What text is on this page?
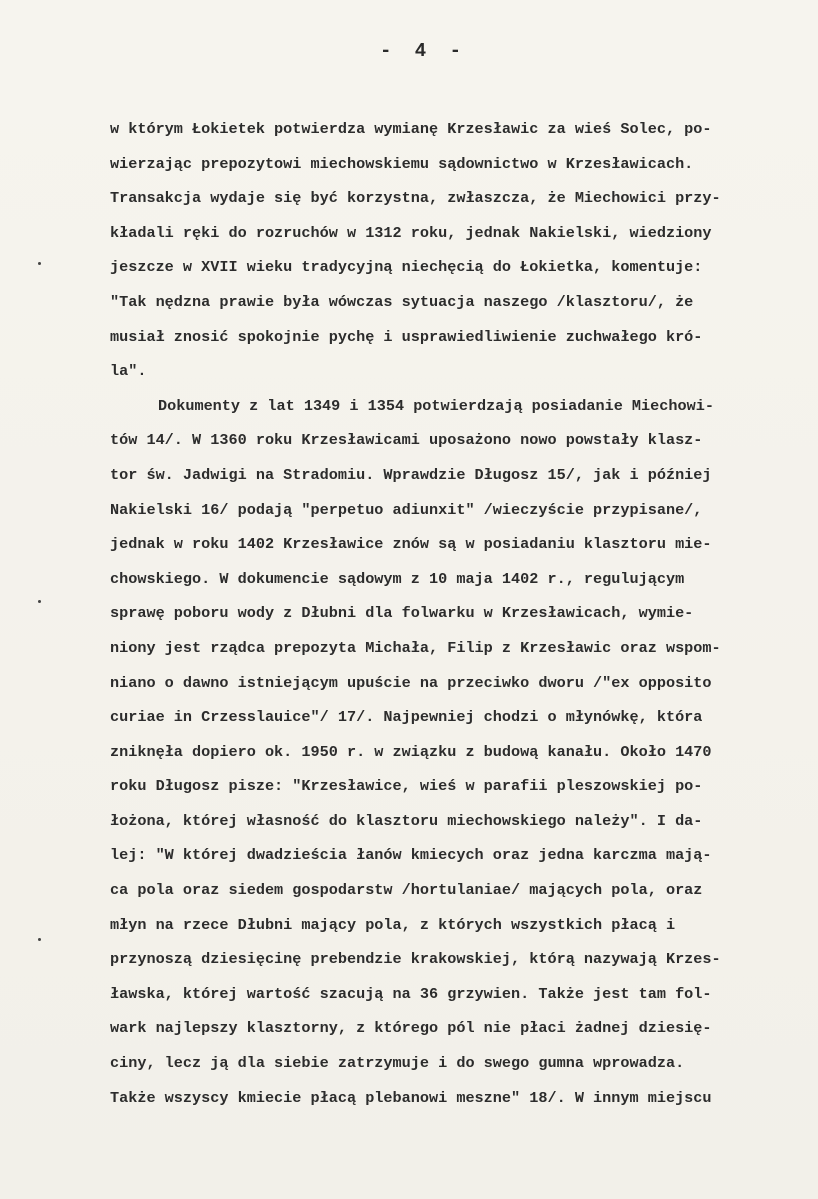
- 4 -
w którym Łokietek potwierdza wymianę Krzesławic za wieś Solec, po-
wierzając prepozytowi miechowskiemu sądownictwo w Krzesławicach.
Transakcja wydaje się być korzystna, zwłaszcza, że Miechowici przy-
kładali ręki do rozruchów w 1312 roku, jednak Nakielski, wiedziony
jeszcze w XVII wieku tradycyjną niechęcią do Łokietka, komentuje:
"Tak nędzna prawie była wówczas sytuacja naszego /klasztoru/, że
musiał znosić spokojnie pychę i usprawiedliwienie zuchwałego kró-
la".
Dokumenty z lat 1349 i 1354 potwierdzają posiadanie Miechowi-
tów 14/. W 1360 roku Krzesławicami uposażono nowo powstały klasz-
tor św. Jadwigi na Stradomiu. Wprawdzie Długosz 15/, jak i później
Nakielski 16/ podają "perpetuo adiunxit" /wieczyście przypisane/,
jednak w roku 1402 Krzesławice znów są w posiadaniu klasztoru mie-
chowskiego. W dokumencie sądowym z 10 maja 1402 r., regulującym
sprawę poboru wody z Dłubni dla folwarku w Krzesławicach, wymie-
niony jest rządca prepozyta Michała, Filip z Krzesławic oraz wspom-
niano o dawno istniejącym upuście na przeciwko dworu /"ex opposito
curiae in Crzesslauice"/ 17/. Najpewniej chodzi o młynówkę, która
zniknęła dopiero ok. 1950 r. w związku z budową kanału. Około 1470
roku Długosz pisze: "Krzesławice, wieś w parafii pleszowskiej po-
łożona, której własność do klasztoru miechowskiego należy". I da-
lej: "W której dwadzieścia łanów kmiecych oraz jedna karczma mają-
ca pola oraz siedem gospodarstw /hortulaniae/ mających pola, oraz
młyn na rzece Dłubni mający pola, z których wszystkich płacą i
przynoszą dziesięcinę prebendzie krakowskiej, którą nazywają Krzes-
ławska, której wartość szacują na 36 grzywien. Także jest tam fol-
wark najlepszy klasztorny, z którego pól nie płaci żadnej dziesię-
ciny, lecz ją dla siebie zatrzymuje i do swego gumna wprowadza.
Także wszyscy kmiecie płacą plebanowi meszne" 18/. W innym miejscu
